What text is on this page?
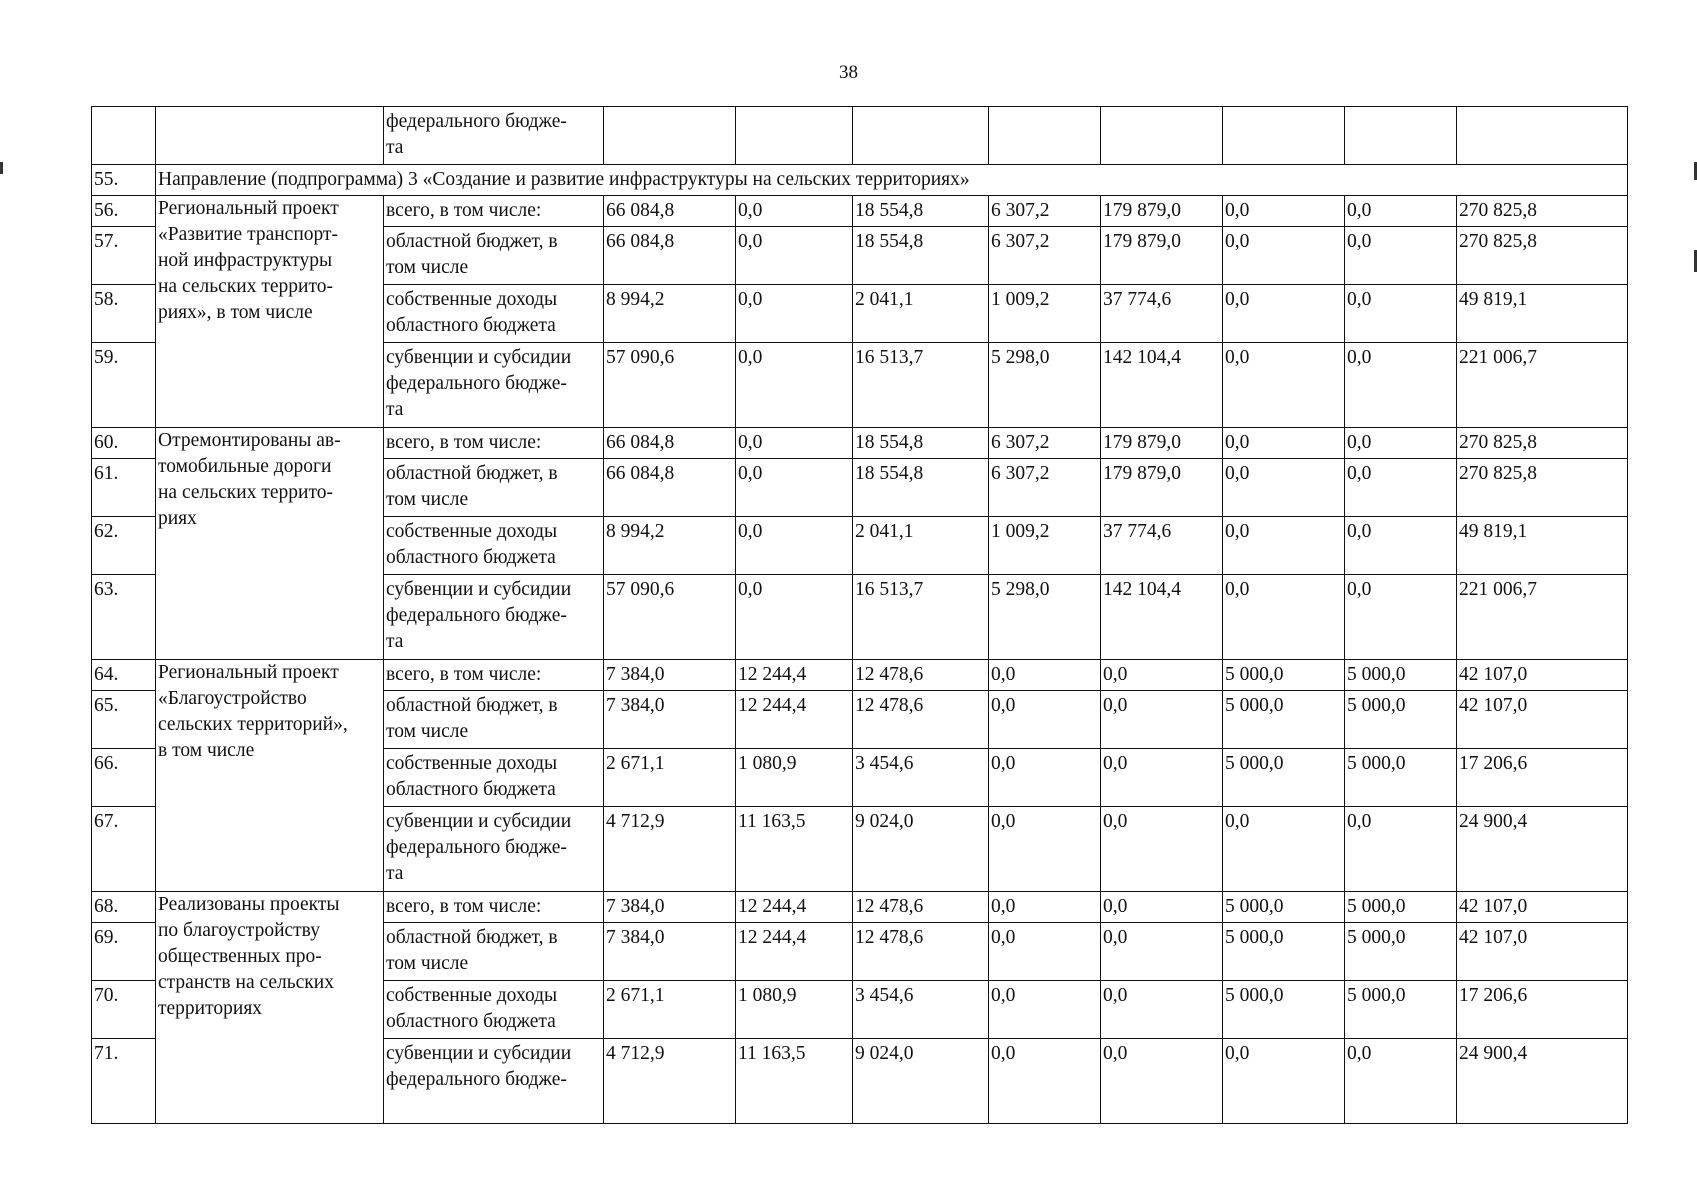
38

		федерального бюдже-
та								

55.	Направление (подпрограмма) 3 «Создание и развитие инфраструктуры на сельских территориях»									
56.	Региональный проект
«Развитие транспорт-
ной инфраструктуры
на сельских террито-
риях», в том числе	всего, в том числе:	66 084,8	0,0	18 554,8	6 307,2	179 879,0	0,0	0,0	270 825,8
57.		областной бюджет, в
том числе	66 084,8	0,0	18 554,8	6 307,2	179 879,0	0,0	0,0	270 825,8
58.		собственные доходы
областного бюджета	8 994,2	0,0	2 041,1	1 009,2	37 774,6	0,0	0,0	49 819,1
59.		субвенции и субсидии
федерального бюдже-
та	57 090,6	0,0	16 513,7	5 298,0	142 104,4	0,0	0,0	221 006,7
60.	Отремонтированы ав-
томобильные дороги
на сельских террито-
риях	всего, в том числе:	66 084,8	0,0	18 554,8	6 307,2	179 879,0	0,0	0,0	270 825,8
61.		областной бюджет, в
том числе	66 084,8	0,0	18 554,8	6 307,2	179 879,0	0,0	0,0	270 825,8
62.		собственные доходы
областного бюджета	8 994,2	0,0	2 041,1	1 009,2	37 774,6	0,0	0,0	49 819,1
63.		субвенции и субсидии
федерального бюдже-
та	57 090,6	0,0	16 513,7	5 298,0	142 104,4	0,0	0,0	221 006,7
64.	Региональный проект
«Благоустройство
сельских территорий»,
в том числе	всего, в том числе:	7 384,0	12 244,4	12 478,6	0,0	0,0	5 000,0	5 000,0	42 107,0
65.		областной бюджет, в
том числе	7 384,0	12 244,4	12 478,6	0,0	0,0	5 000,0	5 000,0	42 107,0
66.		собственные доходы
областного бюджета	2 671,1	1 080,9	3 454,6	0,0	0,0	5 000,0	5 000,0	17 206,6
67.		субвенции и субсидии
федерального бюдже-
та	4 712,9	11 163,5	9 024,0	0,0	0,0	0,0	0,0	24 900,4
68.	Реализованы проекты
по благоустройству
общественных про-
странств на сельских
территориях	всего, в том числе:	7 384,0	12 244,4	12 478,6	0,0	0,0	5 000,0	5 000,0	42 107,0
69.		областной бюджет, в
том числе	7 384,0	12 244,4	12 478,6	0,0	0,0	5 000,0	5 000,0	42 107,0
70.		собственные доходы
областного бюджета	2 671,1	1 080,9	3 454,6	0,0	0,0	5 000,0	5 000,0	17 206,6
71.		субвенции и субсидии
федерального бюдже-	4 712,9	11 163,5	9 024,0	0,0	0,0	0,0	0,0	24 900,4
